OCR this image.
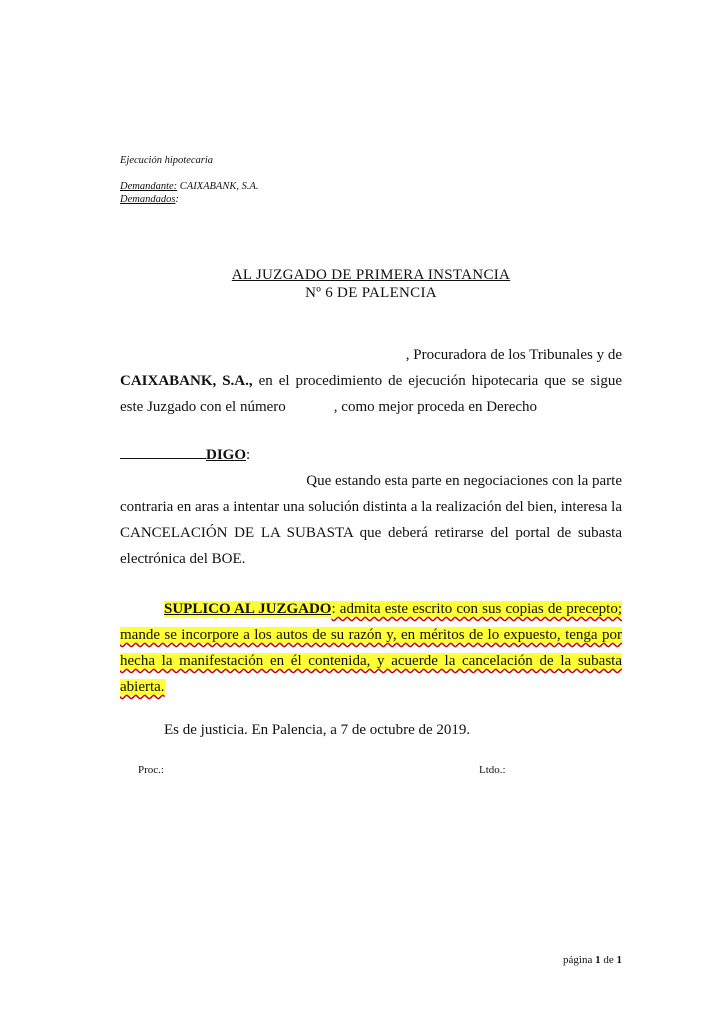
Ejecución hipotecaria
Demandante: CAIXABANK, S.A.
Demandados:
AL JUZGADO DE PRIMERA INSTANCIA
Nº 6 DE PALENCIA
, Procuradora de los Tribunales y de
CAIXABANK, S.A., en el procedimiento de ejecución hipotecaria que se sigue
este Juzgado con el número	, como mejor proceda en Derecho
DIGO:
Que estando esta parte en negociaciones con la parte
contraria en aras a intentar una solución distinta a la realización del bien, interesa la
CANCELACIÓN DE LA SUBASTA que deberá retirarse del portal de subasta
electrónica del BOE.
SUPLICO AL JUZGADO: admita este escrito con sus copias de precepto;
mande se incorpore a los autos de su razón y, en méritos de lo expuesto, tenga por
hecha la manifestación en él contenida, y acuerde la cancelación de la subasta
abierta.
Es de justicia. En Palencia, a 7 de octubre de 2019.
Proc.:	Ltdo.:
página 1 de 1
